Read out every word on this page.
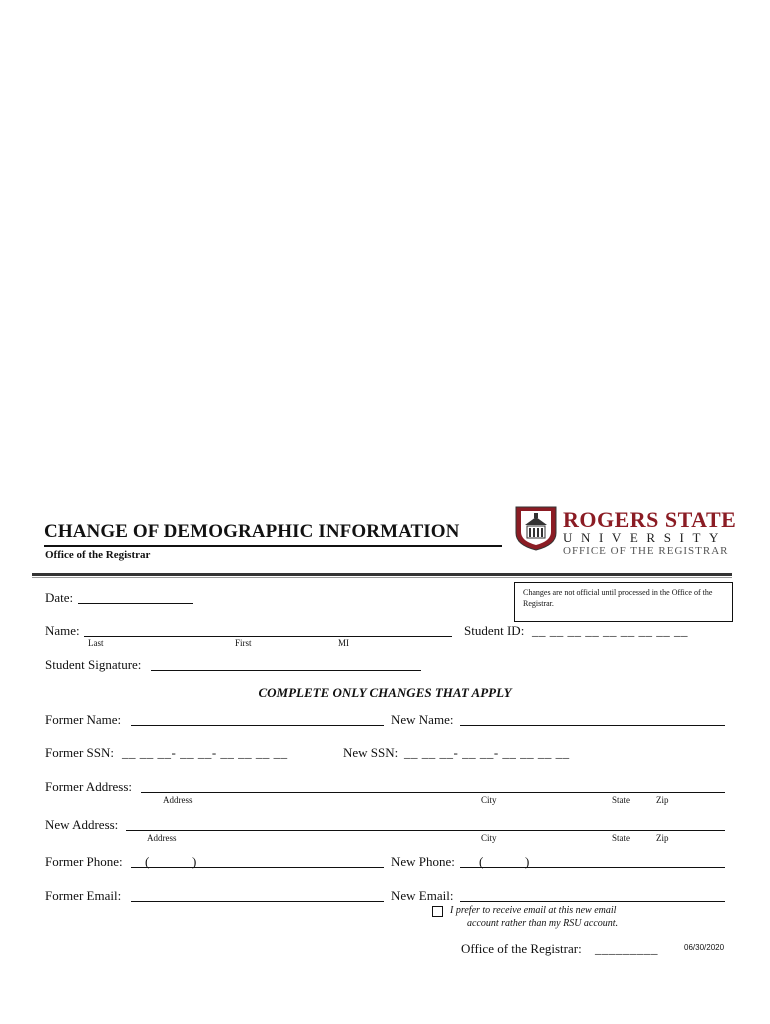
CHANGE OF DEMOGRAPHIC INFORMATION
Office of the Registrar
ROGERS STATE
UNIVERSITY
OFFICE OF THE REGISTRAR
Changes are not official until processed in the Office of the Registrar.
Date:
Name:
Last	First	MI
Student ID: __ __ __ __ __ __ __ __ __
Student Signature:
COMPLETE ONLY CHANGES THAT APPLY
Former Name:	New Name:
Former SSN: __ __ __- __ __- __ __ __ __	New SSN: __ __ __- __ __- __ __ __ __
Former Address:
Address	City	State	Zip
New Address:
Address	City	State	Zip
Former Phone: (	)	New Phone: (	)
Former Email:	New Email:
I prefer to receive email at this new email
account rather than my RSU account.
Office of the Registrar: _________	06/30/2020
